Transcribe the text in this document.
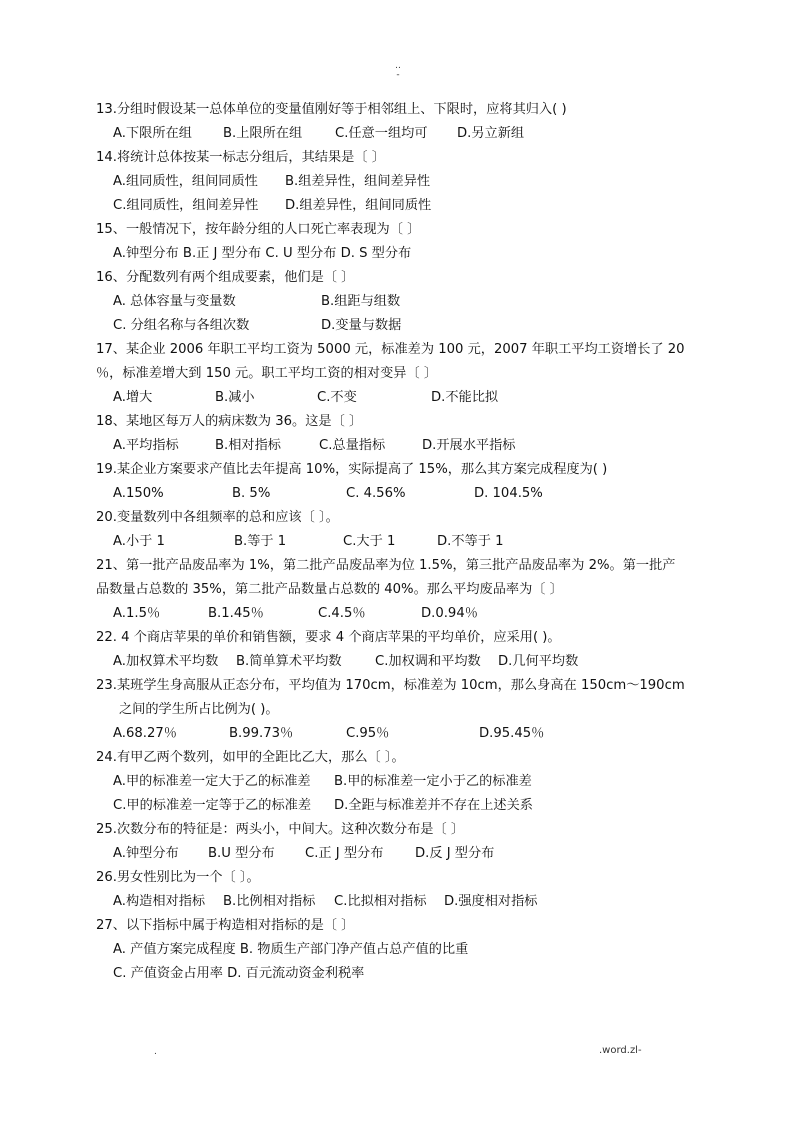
..
-
13.分组时假设某一总体单位的变量值刚好等于相邻组上、下限时，应将其归入( )
A.下限所在组	B.上限所在组	C.任意一组均可	D.另立新组
14.将统计总体按某一标志分组后，其结果是〔 〕
A.组同质性，组间同质性	B.组差异性，组间差异性
C.组同质性，组间差异性	D.组差异性，组间同质性
15、一般情况下，按年龄分组的人口死亡率表现为〔 〕
A.钟型分布 B.正 J 型分布 C. U 型分布 D. S 型分布
16、分配数列有两个组成要素，他们是〔 〕
A. 总体容量与变量数	B.组距与组数
C. 分组名称与各组次数	D.变量与数据
17、某企业 2006 年职工平均工资为 5000 元，标准差为 100 元，2007 年职工平均工资增长了 20
％，标准差增大到 150 元。职工平均工资的相对变异〔 〕
A.增大	B.减小	C.不变	D.不能比拟
18、某地区每万人的病床数为 36。这是〔 〕
A.平均指标	B.相对指标	C.总量指标	D.开展水平指标
19.某企业方案要求产值比去年提高 10%，实际提高了 15%，那么其方案完成程度为( )
A.150%	B. 5%	C. 4.56%	D. 104.5%
20.变量数列中各组频率的总和应该〔 〕。
A.小于 1	B.等于 1	C.大于 1	D.不等于 1
21、第一批产品废品率为 1%，第二批产品废品率为位 1.5%，第三批产品废品率为 2%。第一批产
品数量占总数的 35%，第二批产品数量占总数的 40%。那么平均废品率为〔 〕
A.1.5％	B.1.45％	C.4.5％	D.0.94％
22. 4 个商店苹果的单价和销售额，要求 4 个商店苹果的平均单价，应采用( )。
A.加权算术平均数	B.简单算术平均数	C.加权调和平均数	D.几何平均数
23.某班学生身高服从正态分布，平均值为 170cm，标准差为 10cm，那么身高在 150cm～190cm
之间的学生所占比例为( )。
A.68.27％	B.99.73％	C.95％	D.95.45％
24.有甲乙两个数列，如甲的全距比乙大，那么〔 〕。
A.甲的标准差一定大于乙的标准差	B.甲的标准差一定小于乙的标准差
C.甲的标准差一定等于乙的标准差	D.全距与标准差并不存在上述关系
25.次数分布的特征是：两头小，中间大。这种次数分布是〔 〕
A.钟型分布	B.U 型分布	C.正 J 型分布	D.反 J 型分布
26.男女性别比为一个〔 〕。
A.构造相对指标	B.比例相对指标	C.比拟相对指标	D.强度相对指标
27、以下指标中属于构造相对指标的是〔 〕
A. 产值方案完成程度 B. 物质生产部门净产值占总产值的比重
C. 产值资金占用率 D. 百元流动资金利税率
.	.word.zl-
